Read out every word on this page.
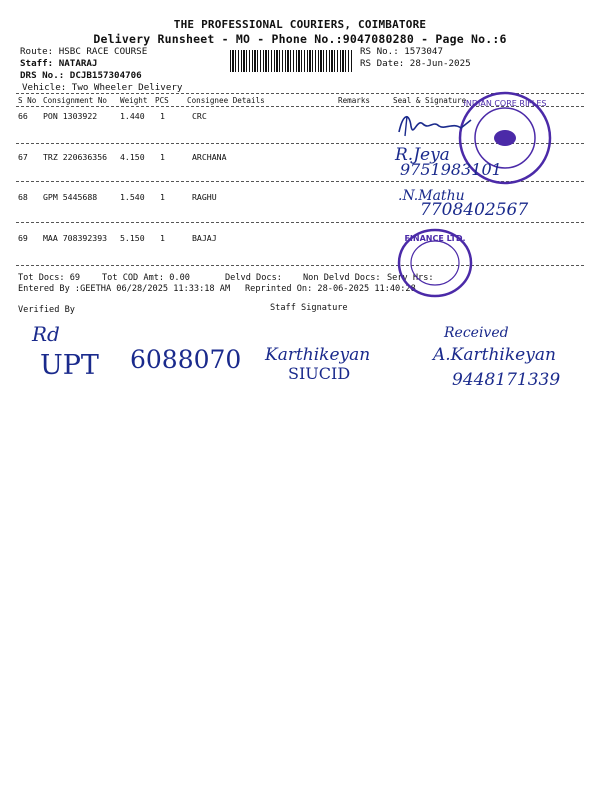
THE PROFESSIONAL COURIERS, COIMBATORE
Delivery Runsheet - MO - Phone No.:9047080280 - Page No.:6
Route: HSBC RACE COURSE
Staff: NATARAJ
DRS No.: DCJB157304706
Vehicle: Two Wheeler Delivery
RS No.: 1573047
RS Date: 28-Jun-2025
S No Consignment No Weight PCS Consignee Details	Remarks	Seal & Signature
66 PON 1303922	1.440 1	CRC
67 TRZ 220636356 4.150 1	ARCHANA
68 GPM 5445688	1.540 1	RAGHU
69 MAA 708392393 5.150 1	BAJAJ
Tot Docs: 69	Tot COD Amt: 0.00	Delvd Docs: Non Delvd Docs: Serv Hrs:
Entered By :GEETHA 06/28/2025 11:33:18 AM Reprinted On: 28-06-2025 11:40:28
Verified By	Staff Signature
INDIAN CORE RIFLES
FINANCE LTD.
R.Jeya
9751983101
.N.Mathu
7708402567
Rd
UPT 6088070 Karthikeyan
SIUCID
Received
A.Karthikeyan
9448171339
